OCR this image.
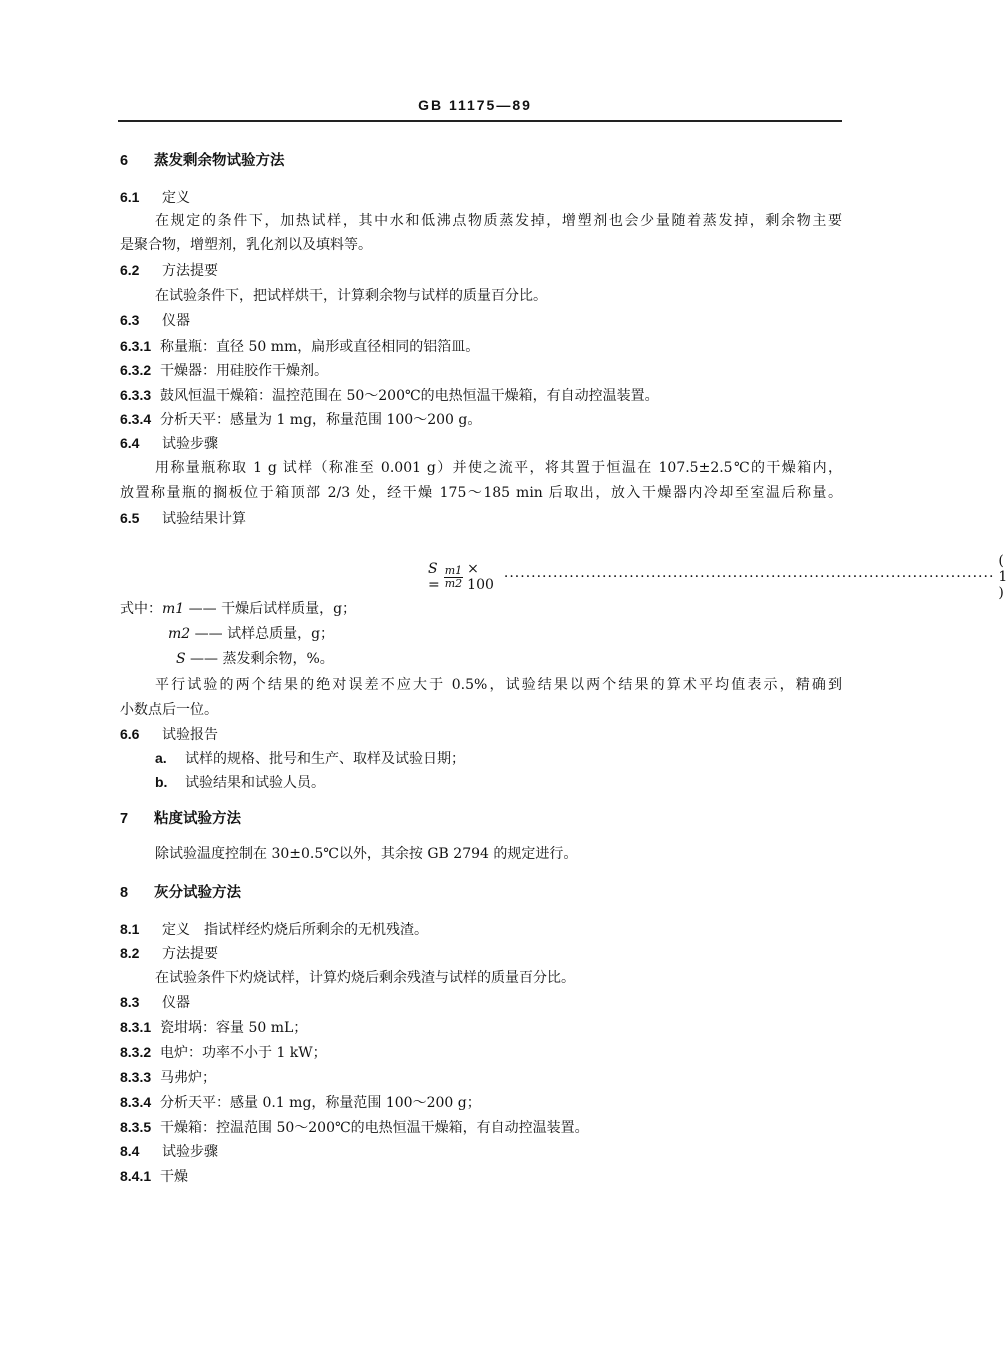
GB 11175—89
6 蒸发剩余物试验方法
6.1 定义
在规定的条件下，加热试样，其中水和低沸点物质蒸发掉，增塑剂也会少量随着蒸发掉，剩余物主要
是聚合物，增塑剂，乳化剂以及填料等。
6.2 方法提要
在试验条件下，把试样烘干，计算剩余物与试样的质量百分比。
6.3 仪器
6.3.1 称量瓶：直径 50 mm，扁形或直径相同的铝箔皿。
6.3.2 干燥器：用硅胶作干燥剂。
6.3.3 鼓风恒温干燥箱：温控范围在 50～200℃的电热恒温干燥箱，有自动控温装置。
6.3.4 分析天平：感量为 1 mg，称量范围 100～200 g。
6.4 试验步骤
用称量瓶称取 1 g 试样（称准至 0.001 g）并使之流平，将其置于恒温在 107.5±2.5℃的干燥箱内，
放置称量瓶的搁板位于箱顶部 2/3 处，经干燥 175～185 min 后取出，放入干燥器内冷却至室温后称量。
6.5 试验结果计算
$S = \frac{m1}{m2} \times 100$ ··························································································
( 1 )
式中：m1 —— 干燥后试样质量，g；
m2 —— 试样总质量，g；
S —— 蒸发剩余物，%。
平行试验的两个结果的绝对误差不应大于 0.5%，试验结果以两个结果的算术平均值表示，精确到
小数点后一位。
6.6 试验报告
a. 试样的规格、批号和生产、取样及试验日期；
b. 试验结果和试验人员。
7 粘度试验方法
除试验温度控制在 30±0.5℃以外，其余按 GB 2794 的规定进行。
8 灰分试验方法
8.1 定义 指试样经灼烧后所剩余的无机残渣。
8.2 方法提要
在试验条件下灼烧试样，计算灼烧后剩余残渣与试样的质量百分比。
8.3 仪器
8.3.1 瓷坩埚：容量 50 mL；
8.3.2 电炉：功率不小于 1 kW；
8.3.3 马弗炉；
8.3.4 分析天平：感量 0.1 mg，称量范围 100～200 g；
8.3.5 干燥箱：控温范围 50～200℃的电热恒温干燥箱，有自动控温装置。
8.4 试验步骤
8.4.1 干燥
